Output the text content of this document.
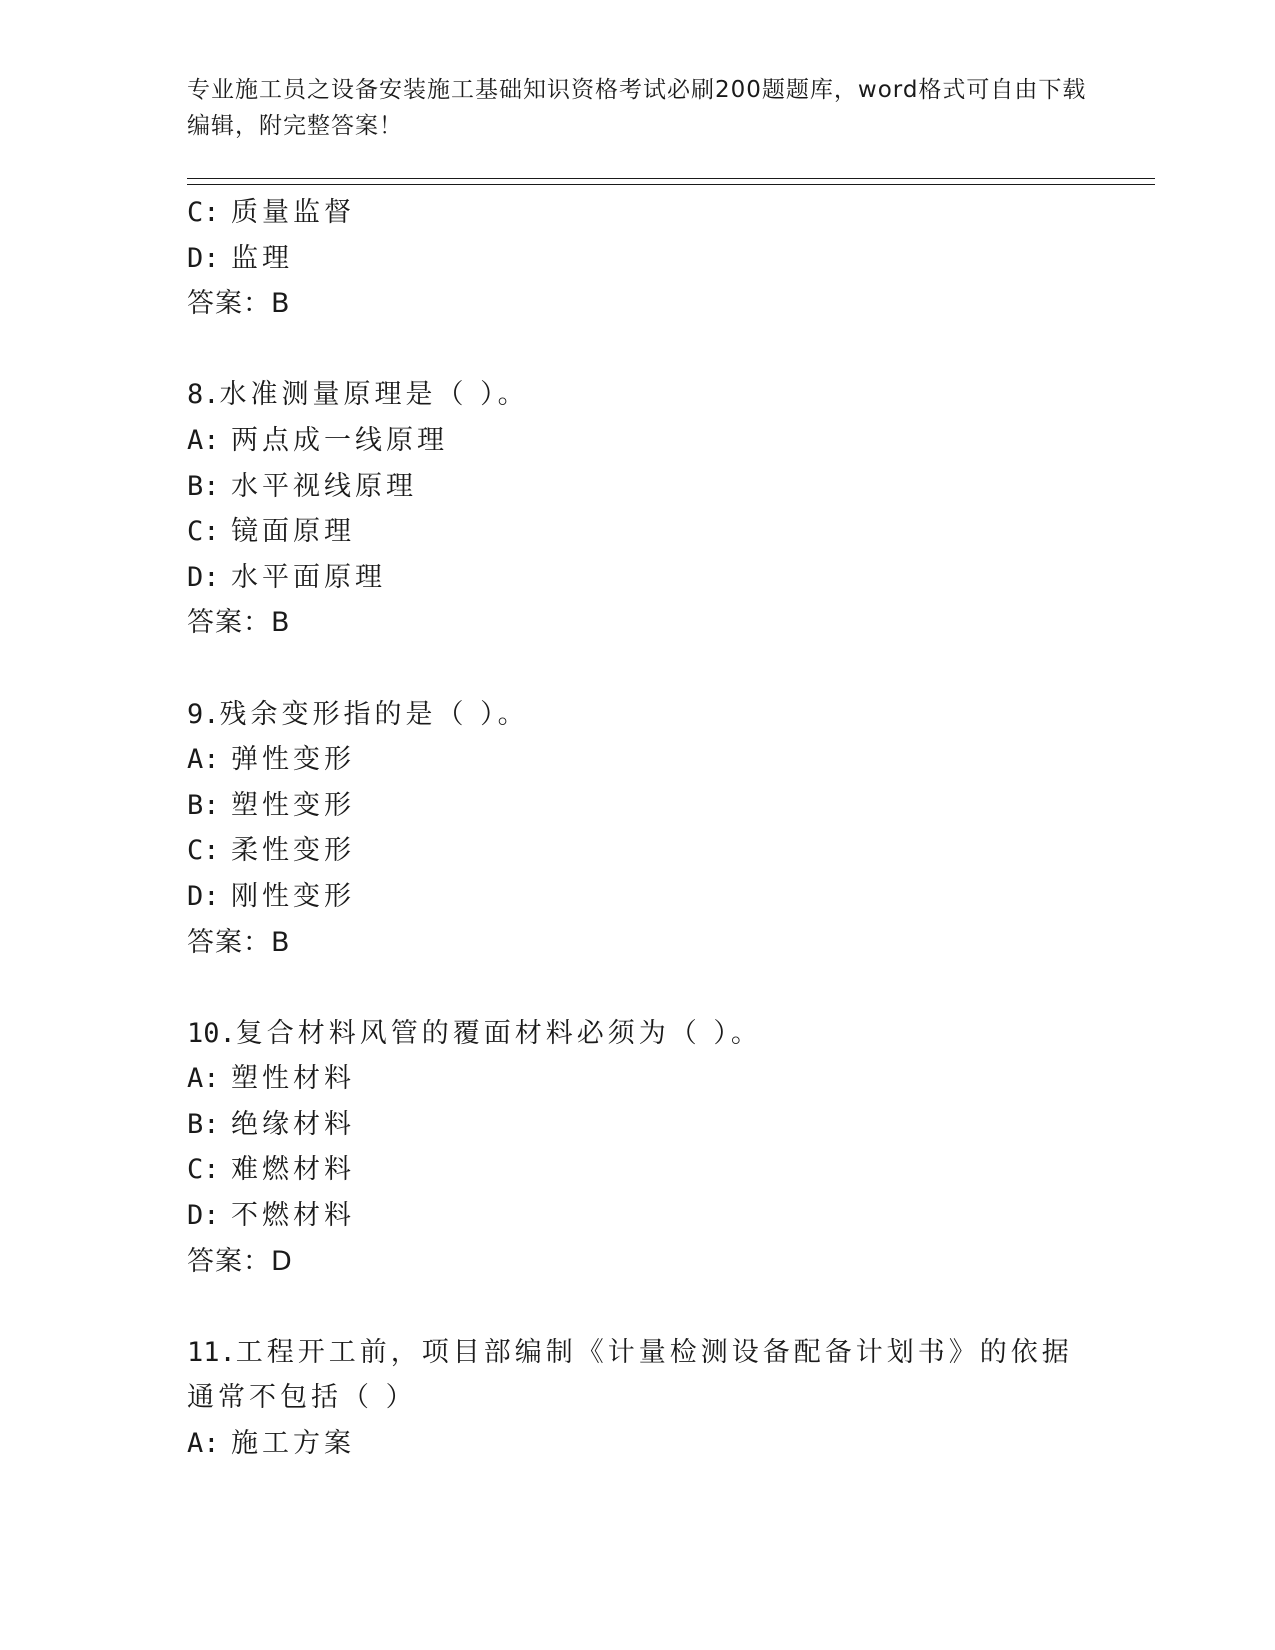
专业施工员之设备安装施工基础知识资格考试必刷200题题库，word格式可自由下载编辑，附完整答案！
C: 质量监督
D: 监理
答案：B
8.水准测量原理是（ ）。
A: 两点成一线原理
B: 水平视线原理
C: 镜面原理
D: 水平面原理
答案：B
9.残余变形指的是（ ）。
A: 弹性变形
B: 塑性变形
C: 柔性变形
D: 刚性变形
答案：B
10.复合材料风管的覆面材料必须为（ ）。
A: 塑性材料
B: 绝缘材料
C: 难燃材料
D: 不燃材料
答案：D
11.工程开工前，项目部编制《计量检测设备配备计划书》的依据通常不包括（ ）
A: 施工方案
